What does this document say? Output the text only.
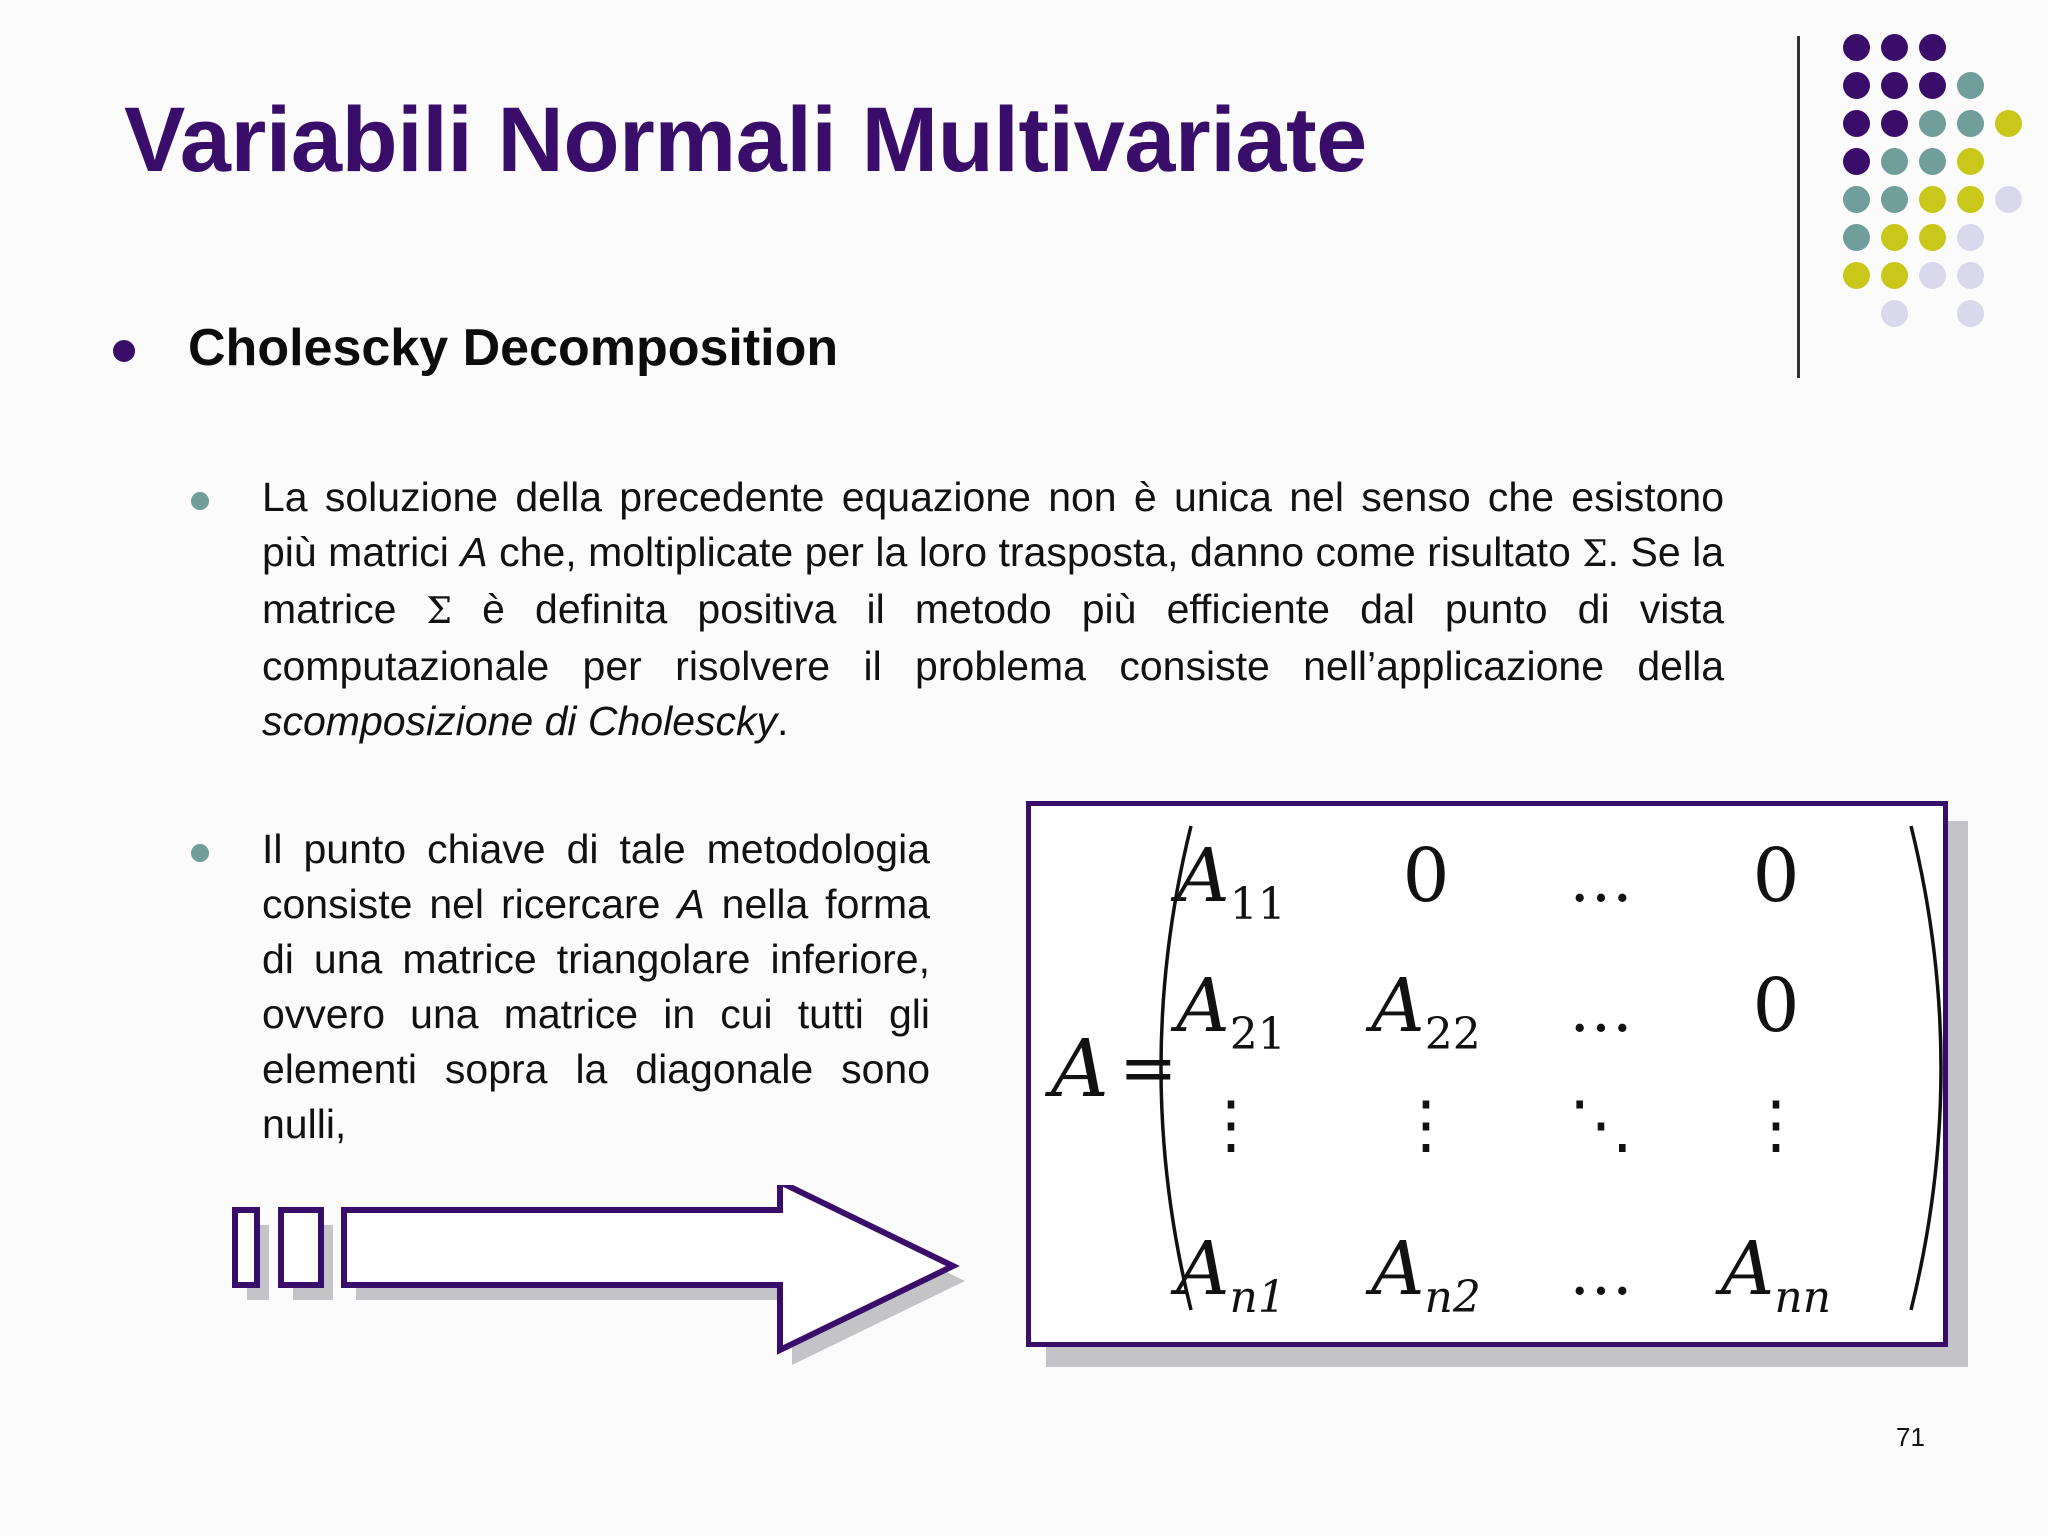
Variabili Normali Multivariate
Cholescky Decomposition
La soluzione della precedente equazione non è unica nel senso che esistono più matrici A che, moltiplicate per la loro trasposta, danno come risultato Σ. Se la matrice Σ è definita positiva il metodo più efficiente dal punto di vista computazionale per risolvere il problema consiste nell’applicazione della scomposizione di Cholescky.
Il punto chiave di tale metodologia consiste nel ricercare A nella forma di una matrice triangolare inferiore, ovvero una matrice in cui tutti gli elementi sopra la diagonale sono nulli,
A =
$A_{11}$ 0 … 0
$A_{21}$ $A_{22}$ … 0
⋮ ⋮ ⋱ ⋮
$A_{n1}$ $A_{n2}$ … $A_{nn}$
71
